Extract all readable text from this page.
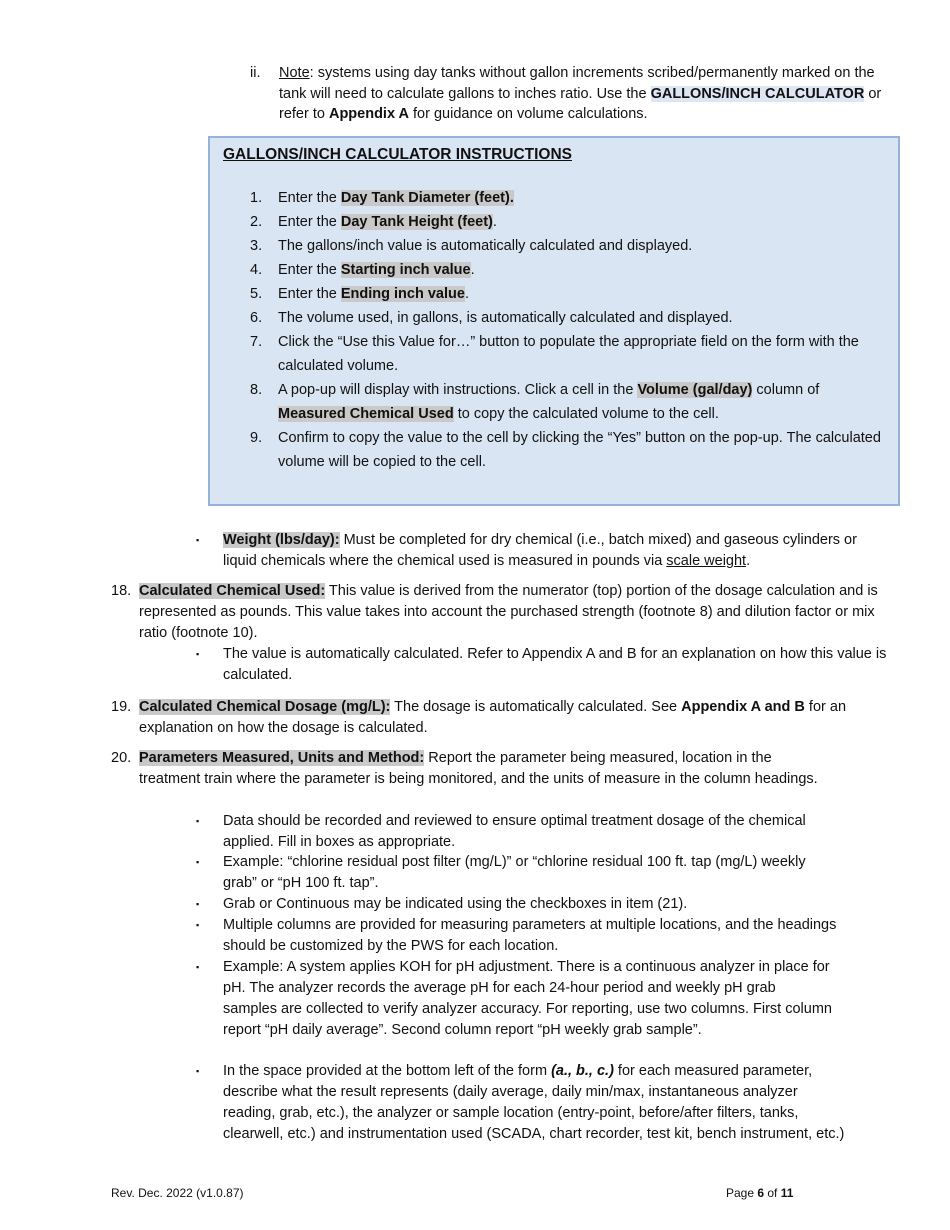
ii. Note: systems using day tanks without gallon increments scribed/permanently marked on the tank will need to calculate gallons to inches ratio. Use the GALLONS/INCH CALCULATOR or refer to Appendix A for guidance on volume calculations.
GALLONS/INCH CALCULATOR INSTRUCTIONS
1. Enter the Day Tank Diameter (feet).
2. Enter the Day Tank Height (feet).
3. The gallons/inch value is automatically calculated and displayed.
4. Enter the Starting inch value.
5. Enter the Ending inch value.
6. The volume used, in gallons, is automatically calculated and displayed.
7. Click the “Use this Value for…” button to populate the appropriate field on the form with the calculated volume.
8. A pop-up will display with instructions. Click a cell in the Volume (gal/day) column of Measured Chemical Used to copy the calculated volume to the cell.
9. Confirm to copy the value to the cell by clicking the “Yes” button on the pop-up. The calculated volume will be copied to the cell.
▪ Weight (lbs/day): Must be completed for dry chemical (i.e., batch mixed) and gaseous cylinders or liquid chemicals where the chemical used is measured in pounds via scale weight.
18. Calculated Chemical Used: This value is derived from the numerator (top) portion of the dosage calculation and is represented as pounds. This value takes into account the purchased strength (footnote 8) and dilution factor or mix ratio (footnote 10).
▪ The value is automatically calculated. Refer to Appendix A and B for an explanation on how this value is calculated.
19. Calculated Chemical Dosage (mg/L): The dosage is automatically calculated. See Appendix A and B for an explanation on how the dosage is calculated.
20. Parameters Measured, Units and Method: Report the parameter being measured, location in the treatment train where the parameter is being monitored, and the units of measure in the column headings.
▪ Data should be recorded and reviewed to ensure optimal treatment dosage of the chemical applied. Fill in boxes as appropriate.
▪ Example: “chlorine residual post filter (mg/L)” or “chlorine residual 100 ft. tap (mg/L) weekly grab” or “pH 100 ft. tap”.
▪ Grab or Continuous may be indicated using the checkboxes in item (21).
▪ Multiple columns are provided for measuring parameters at multiple locations, and the headings should be customized by the PWS for each location.
▪ Example: A system applies KOH for pH adjustment. There is a continuous analyzer in place for pH. The analyzer records the average pH for each 24-hour period and weekly pH grab samples are collected to verify analyzer accuracy. For reporting, use two columns. First column report “pH daily average”. Second column report “pH weekly grab sample”.
▪ In the space provided at the bottom left of the form (a., b., c.) for each measured parameter, describe what the result represents (daily average, daily min/max, instantaneous analyzer reading, grab, etc.), the analyzer or sample location (entry-point, before/after filters, tanks, clearwell, etc.) and instrumentation used (SCADA, chart recorder, test kit, bench instrument, etc.)
Rev. Dec. 2022 (v1.0.87)	Page 6 of 11
